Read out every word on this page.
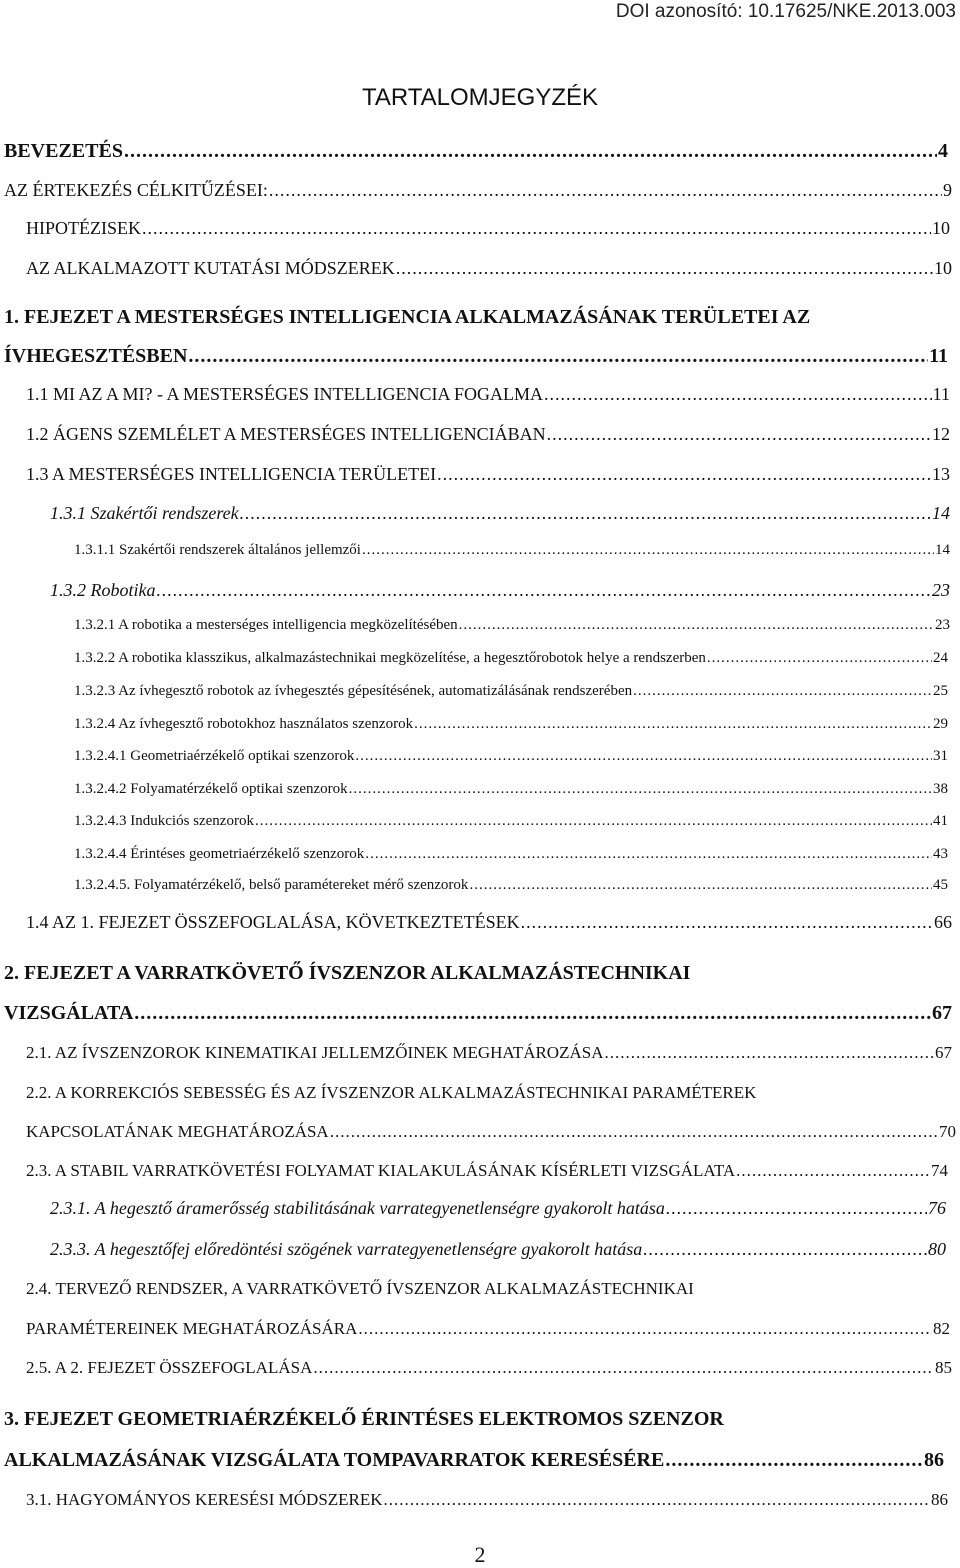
DOI azonosító: 10.17625/NKE.2013.003
TARTALOMJEGYZÉK
BEVEZETÉS .....	4
AZ ÉRTEKEZÉS CÉLKITŰZÉSEI: .....	9
HIPOTÉZISEK .....	10
AZ ALKALMAZOTT KUTATÁSI MÓDSZEREK .....	10
1. FEJEZET A MESTERSÉGES INTELLIGENCIA ALKALMAZÁSÁNAK TERÜLETEI AZ
ÍVHEGESZTÉSBEN .....	11
1.1 MI AZ A MI? - A MESTERSÉGES INTELLIGENCIA FOGALMA .....	11
1.2 ÁGENS SZEMLÉLET A MESTERSÉGES INTELLIGENCIÁBAN .....	12
1.3 A MESTERSÉGES INTELLIGENCIA TERÜLETEI .....	13
1.3.1 Szakértői rendszerek .....	14
1.3.1.1 Szakértői rendszerek általános jellemzői .....	14
1.3.2 Robotika .....	23
1.3.2.1 A robotika a mesterséges intelligencia megközelítésében .....	23
1.3.2.2 A robotika klasszikus, alkalmazástechnikai megközelítése, a hegesztőrobotok helye a rendszerben .....	24
1.3.2.3 Az ívhegesztő robotok az ívhegesztés gépesítésének, automatizálásának rendszerében .....	25
1.3.2.4 Az ívhegesztő robotokhoz használatos szenzorok .....	29
1.3.2.4.1 Geometriaérzékelő optikai szenzorok .....	31
1.3.2.4.2 Folyamatérzékelő optikai szenzorok .....	38
1.3.2.4.3 Indukciós szenzorok .....	41
1.3.2.4.4 Érintéses geometriaérzékelő szenzorok .....	43
1.3.2.4.5. Folyamatérzékelő, belső paramétereket mérő szenzorok .....	45
1.4 AZ 1. FEJEZET ÖSSZEFOGLALÁSA, KÖVETKEZTETÉSEK .....	66
2. FEJEZET A VARRATKÖVETŐ ÍVSZENZOR ALKALMAZÁSTECHNIKAI
VIZSGÁLATA .....	67
2.1. AZ ÍVSZENZOROK KINEMATIKAI JELLEMZŐINEK MEGHATÁROZÁSA .....	67
2.2. A KORREKCIÓS SEBESSÉG ÉS AZ ÍVSZENZOR ALKALMAZÁSTECHNIKAI PARAMÉTEREK
KAPCSOLATÁNAK MEGHATÁROZÁSA .....	70
2.3. A STABIL VARRATKÖVETÉSI FOLYAMAT KIALAKULÁSÁNAK KÍSÉRLETI VIZSGÁLATA .....	74
2.3.1. A hegesztő áramerősség stabilitásának varrategyenetlenségre gyakorolt hatása .....	76
2.3.3. A hegesztőfej előredöntési szögének varrategyenetlenségre gyakorolt hatása .....	80
2.4. TERVEZŐ RENDSZER, A VARRATKÖVETŐ ÍVSZENZOR ALKALMAZÁSTECHNIKAI
PARAMÉTEREINEK MEGHATÁROZÁSÁRA .....	82
2.5. A 2. FEJEZET ÖSSZEFOGLALÁSA .....	85
3. FEJEZET GEOMETRIAÉRZÉKELŐ ÉRINTÉSES ELEKTROMOS SZENZOR
ALKALMAZÁSÁNAK VIZSGÁLATA TOMPAVARRATOK KERESÉSÉRE .....	86
3.1. HAGYOMÁNYOS KERESÉSI MÓDSZEREK .....	86
2
